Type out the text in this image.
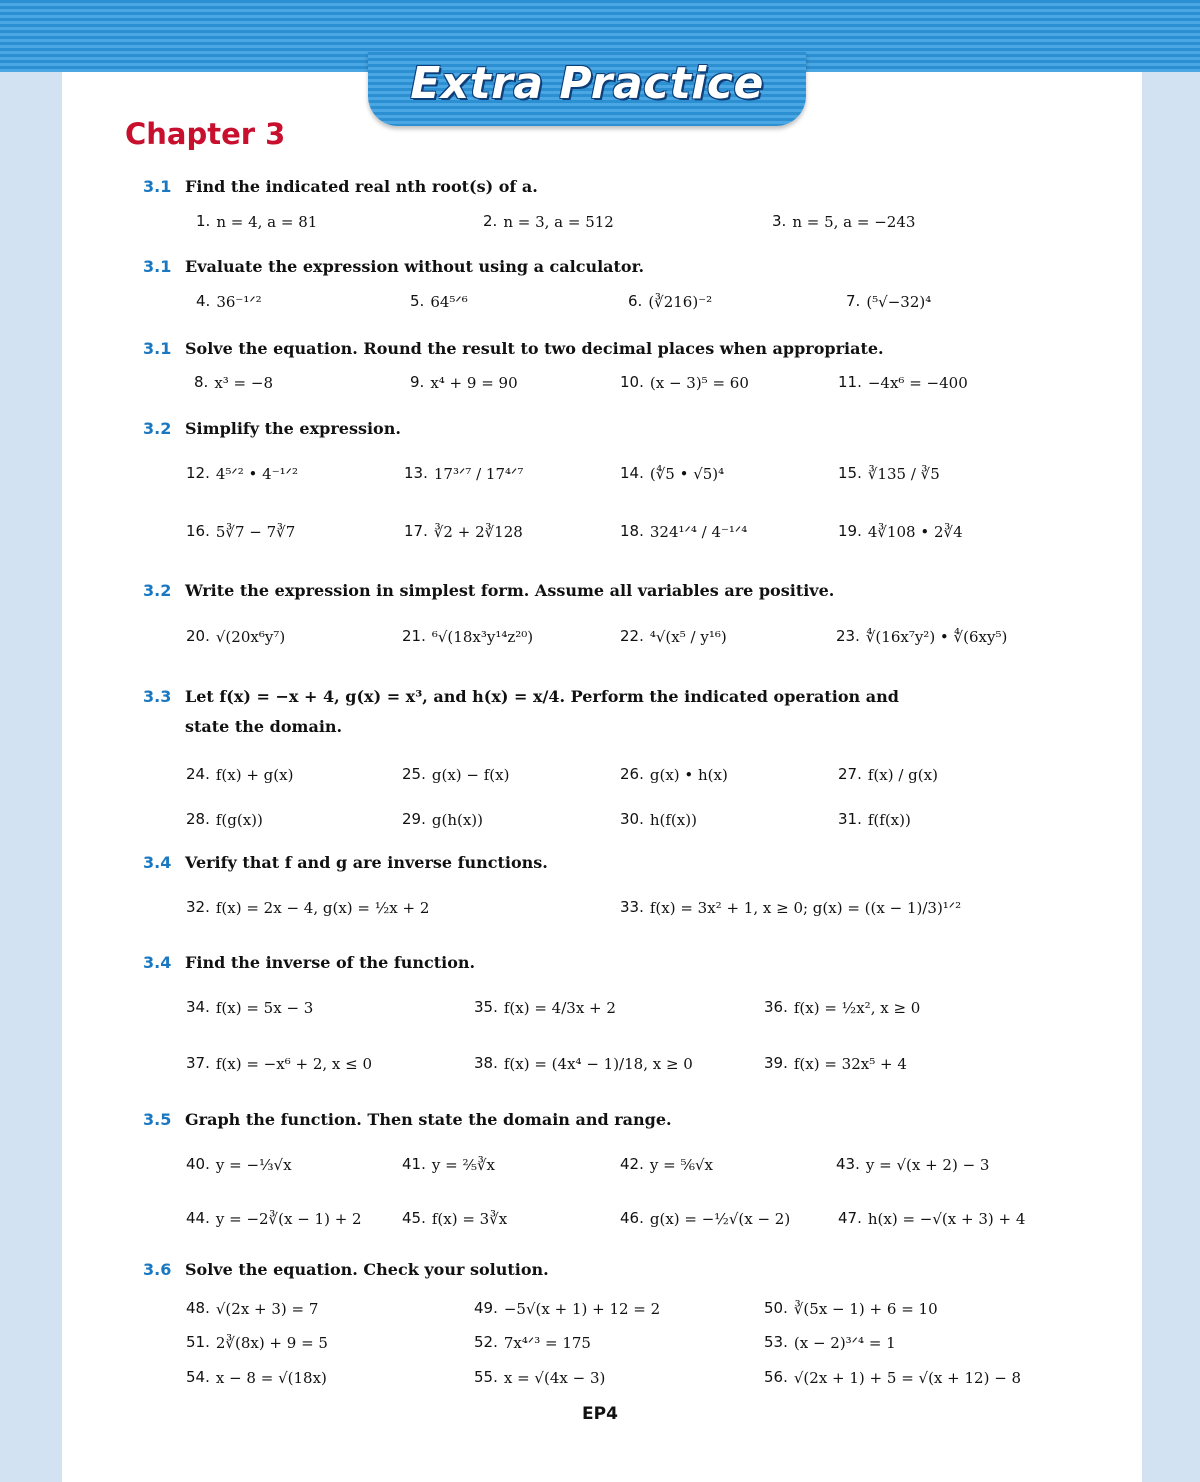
Extra Practice
Chapter 3
3.1 Find the indicated real nth root(s) of a.
3.1 Evaluate the expression without using a calculator.
3.1 Solve the equation. Round the result to two decimal places when appropriate.
3.2 Simplify the expression.
3.2 Write the expression in simplest form. Assume all variables are positive.
3.3 Let f(x) = −x + 4, g(x) = x³, and h(x) = x/4. Perform the indicated operation and
state the domain.
3.4 Verify that f and g are inverse functions.
3.4 Find the inverse of the function.
3.5 Graph the function. Then state the domain and range.
3.6 Solve the equation. Check your solution.
1. n = 4, a = 81	2. n = 3, a = 512	3. n = 5, a = −243
4. 36⁻¹ᐟ²	5. 64⁵ᐟ⁶	6. (∛216)⁻²	7. (⁵√−32)⁴
8. x³ = −8	9. x⁴ + 9 = 90	10. (x − 3)⁵ = 60	11. −4x⁶ = −400
12. 4⁵ᐟ² • 4⁻¹ᐟ²	13. 17³ᐟ⁷ / 17⁴ᐟ⁷	14. (∜5 • √5)⁴	15. ∛135 / ∛5
16. 5∛7 − 7∛7	17. ∛2 + 2∛128	18. 324¹ᐟ⁴ / 4⁻¹ᐟ⁴	19. 4∛108 • 2∛4
20. √(20x⁶y⁷)	21. ⁶√(18x³y¹⁴z²⁰)	22. ⁴√(x⁵ / y¹⁶)	23. ∜(16x⁷y²) • ∜(6xy⁵)
24. f(x) + g(x)	25. g(x) − f(x)	26. g(x) • h(x)	27. f(x) / g(x)
28. f(g(x))	29. g(h(x))	30. h(f(x))	31. f(f(x))
32. f(x) = 2x − 4, g(x) = ½x + 2	33. f(x) = 3x² + 1, x ≥ 0; g(x) = ((x − 1)/3)¹ᐟ²
34. f(x) = 5x − 3	35. f(x) = 4/3x + 2	36. f(x) = ½x², x ≥ 0
37. f(x) = −x⁶ + 2, x ≤ 0	38. f(x) = (4x⁴ − 1)/18, x ≥ 0	39. f(x) = 32x⁵ + 4
40. y = −⅓√x	41. y = ⅖∛x	42. y = ⅚√x	43. y = √(x + 2) − 3
44. y = −2∛(x − 1) + 2	45. f(x) = 3∛x	46. g(x) = −½√(x − 2)	47. h(x) = −√(x + 3) + 4
48. √(2x + 3) = 7	49. −5√(x + 1) + 12 = 2	50. ∛(5x − 1) + 6 = 10
51. 2∛(8x) + 9 = 5	52. 7x⁴ᐟ³ = 175	53. (x − 2)³ᐟ⁴ = 1
54. x − 8 = √(18x)	55. x = √(4x − 3)	56. √(2x + 1) + 5 = √(x + 12) − 8
EP4
